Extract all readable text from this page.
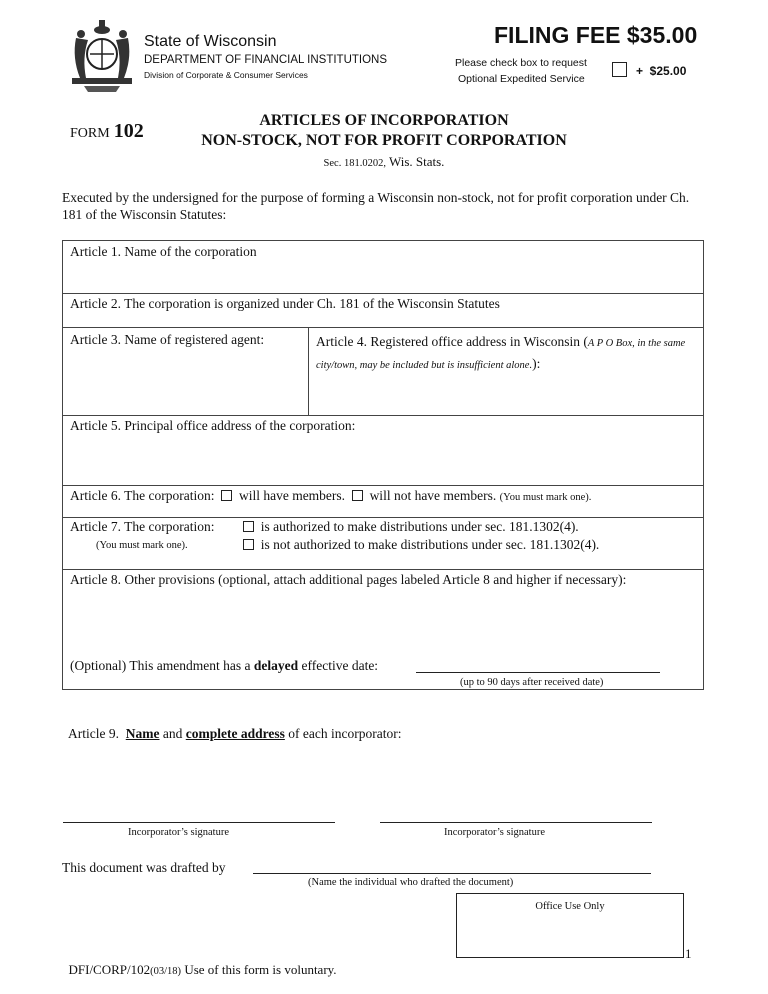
State of Wisconsin
DEPARTMENT OF FINANCIAL INSTITUTIONS
Division of Corporate & Consumer Services
FILING FEE $35.00
Please check box to request
Optional Expedited Service
+  $25.00
FORM 102	ARTICLES OF INCORPORATION
NON-STOCK, NOT FOR PROFIT CORPORATION
Sec. 181.0202, Wis. Stats.
Executed by the undersigned for the purpose of forming a Wisconsin non-stock, not for profit corporation under Ch. 181 of the Wisconsin Statutes:
Article 1. Name of the corporation
Article 2. The corporation is organized under Ch. 181 of the Wisconsin Statutes
Article 3. Name of registered agent:	Article 4. Registered office address in Wisconsin (A P O Box, in the same city/town, may be included but is insufficient alone.):
Article 5. Principal office address of the corporation:
Article 6. The corporation: will have members. will not have members. (You must mark one).
Article 7. The corporation:
(You must mark one).
is authorized to make distributions under sec. 181.1302(4).
is not authorized to make distributions under sec. 181.1302(4).
Article 8. Other provisions (optional, attach additional pages labeled Article 8 and higher if necessary):
(Optional) This amendment has a delayed effective date:
(up to 90 days after received date)

Article 9.  Name and complete address of each incorporator:

Incorporator’s signature	Incorporator’s signature
This document was drafted by
(Name the individual who drafted the document)
Office Use Only

DFI/CORP/102(03/18) Use of this form is voluntary.

1
